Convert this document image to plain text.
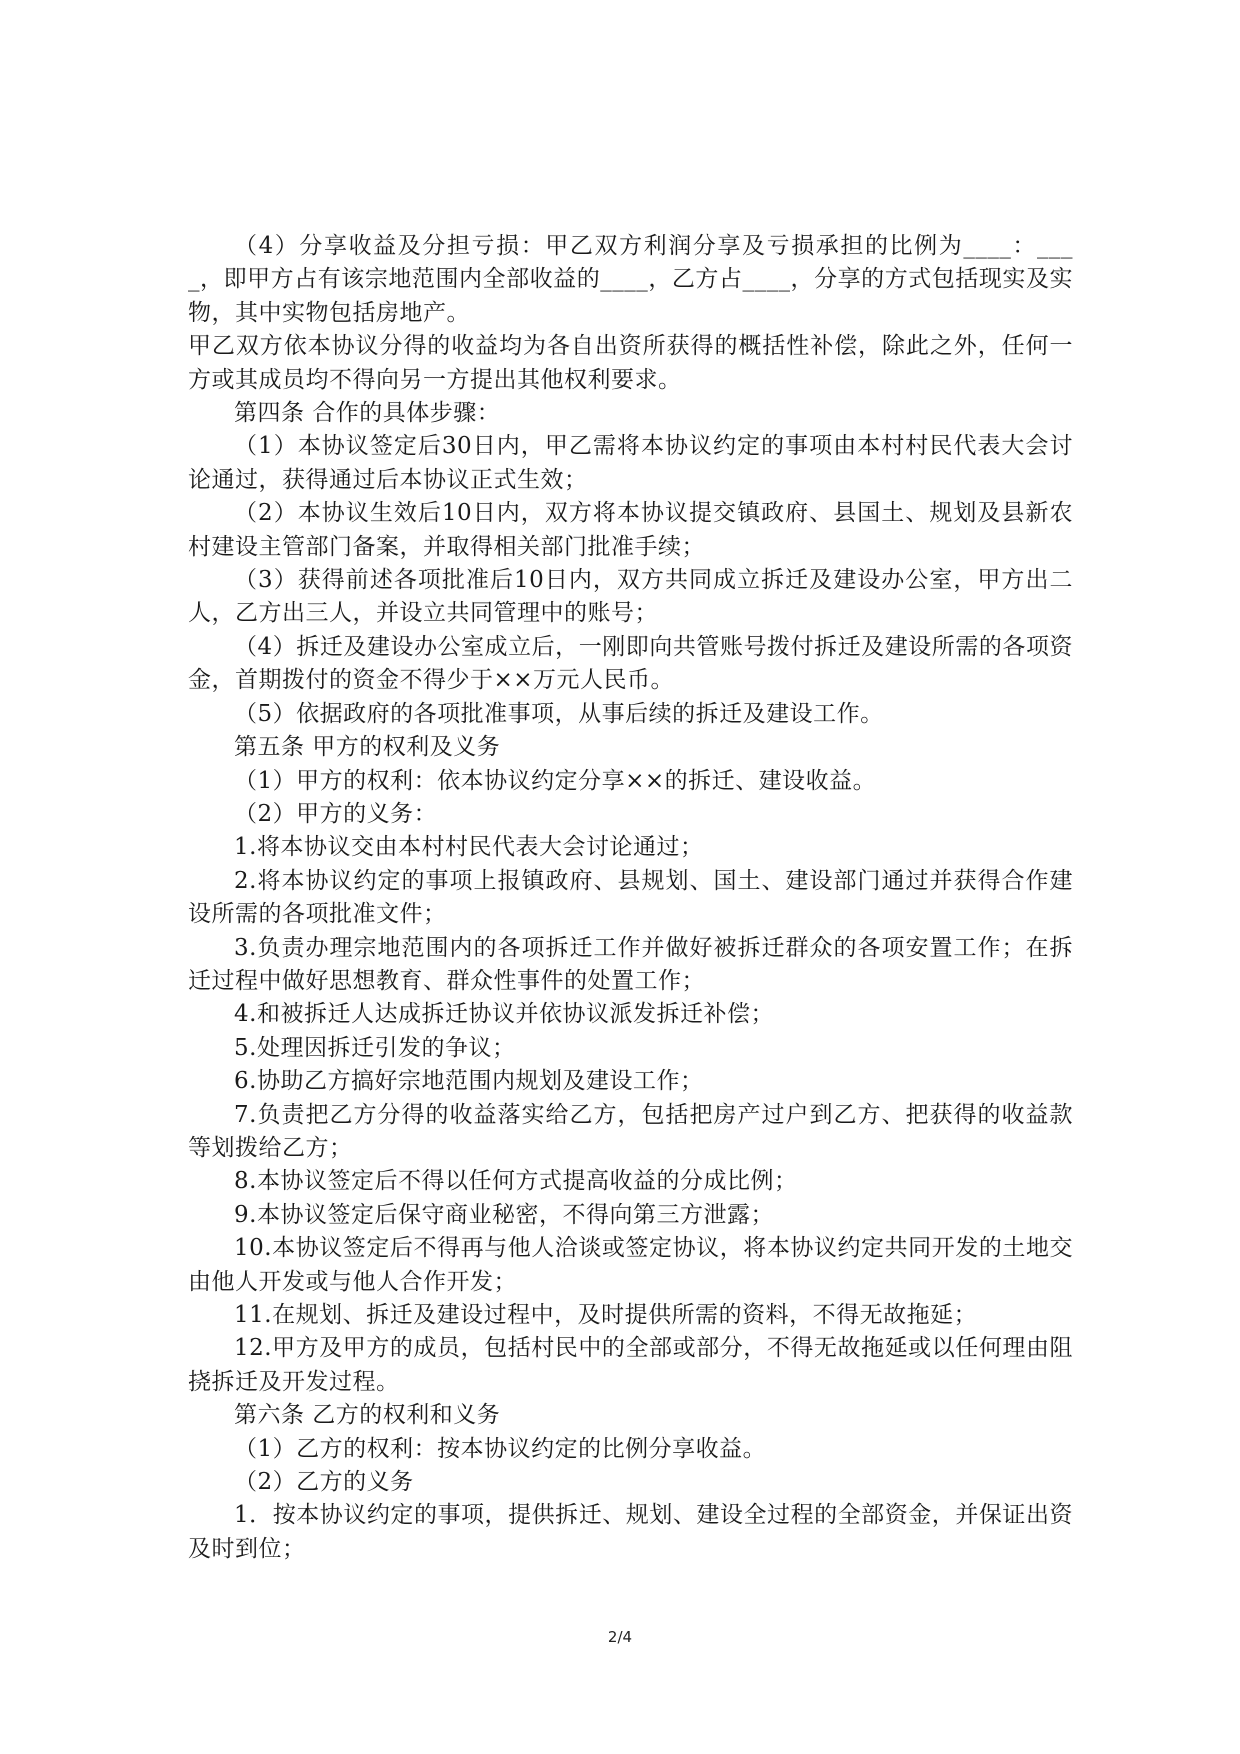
（4）分享收益及分担亏损：甲乙双方利润分享及亏损承担的比例为____：____，即甲方占有该宗地范围内全部收益的____，乙方占____，分享的方式包括现实及实物，其中实物包括房地产。

甲乙双方依本协议分得的收益均为各自出资所获得的概括性补偿，除此之外，任何一方或其成员均不得向另一方提出其他权利要求。

第四条 合作的具体步骤：

（1）本协议签定后30日内，甲乙需将本协议约定的事项由本村村民代表大会讨论通过，获得通过后本协议正式生效；

（2）本协议生效后10日内，双方将本协议提交镇政府、县国土、规划及县新农村建设主管部门备案，并取得相关部门批准手续；

（3）获得前述各项批准后10日内，双方共同成立拆迁及建设办公室，甲方出二人，乙方出三人，并设立共同管理中的账号；

（4）拆迁及建设办公室成立后，一刚即向共管账号拨付拆迁及建设所需的各项资金，首期拨付的资金不得少于××万元人民币。

（5）依据政府的各项批准事项，从事后续的拆迁及建设工作。

第五条 甲方的权利及义务

（1）甲方的权利：依本协议约定分享××的拆迁、建设收益。

（2）甲方的义务：

1.将本协议交由本村村民代表大会讨论通过；

2.将本协议约定的事项上报镇政府、县规划、国土、建设部门通过并获得合作建设所需的各项批准文件；

3.负责办理宗地范围内的各项拆迁工作并做好被拆迁群众的各项安置工作；在拆迁过程中做好思想教育、群众性事件的处置工作；

4.和被拆迁人达成拆迁协议并依协议派发拆迁补偿；

5.处理因拆迁引发的争议；

6.协助乙方搞好宗地范围内规划及建设工作；

7.负责把乙方分得的收益落实给乙方，包括把房产过户到乙方、把获得的收益款等划拨给乙方；

8.本协议签定后不得以任何方式提高收益的分成比例；

9.本协议签定后保守商业秘密，不得向第三方泄露；

10.本协议签定后不得再与他人洽谈或签定协议，将本协议约定共同开发的土地交由他人开发或与他人合作开发；

11.在规划、拆迁及建设过程中，及时提供所需的资料，不得无故拖延；

12.甲方及甲方的成员，包括村民中的全部或部分，不得无故拖延或以任何理由阻挠拆迁及开发过程。

第六条 乙方的权利和义务

（1）乙方的权利：按本协议约定的比例分享收益。

（2）乙方的义务

1．按本协议约定的事项，提供拆迁、规划、建设全过程的全部资金，并保证出资及时到位；

2/4
